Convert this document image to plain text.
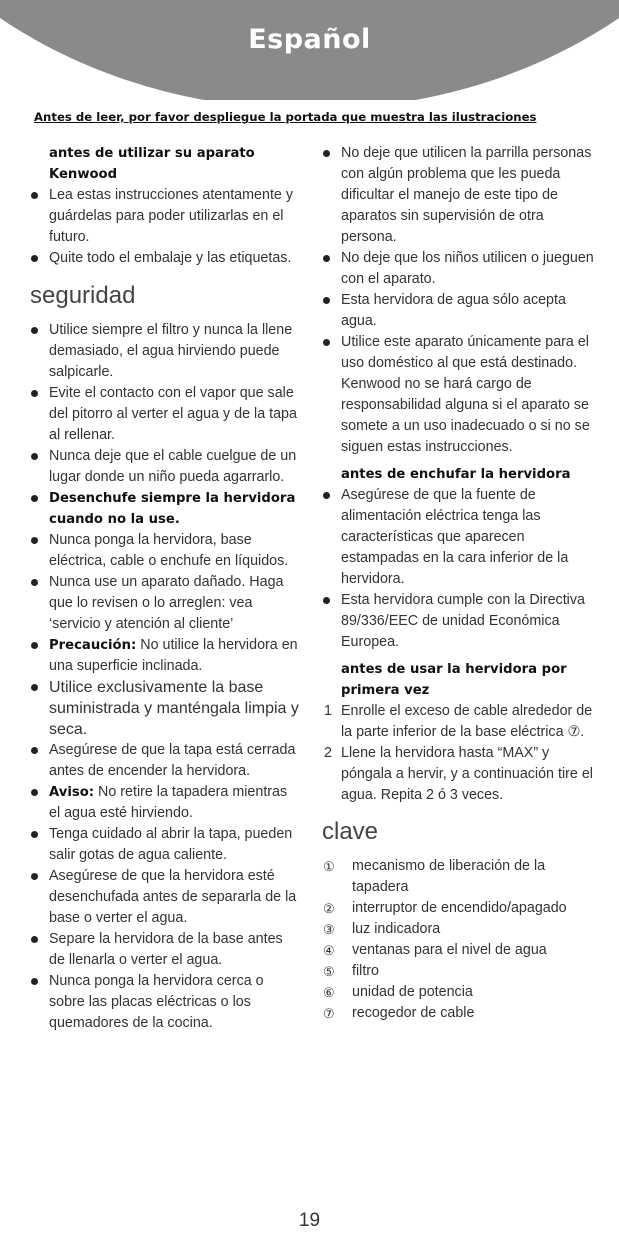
Español
Antes de leer, por favor despliegue la portada que muestra las ilustraciones
antes de utilizar su aparato Kenwood
Lea estas instrucciones atentamente y guárdelas para poder utilizarlas en el futuro.
Quite todo el embalaje y las etiquetas.
seguridad
Utilice siempre el filtro y nunca la llene demasiado, el agua hirviendo puede salpicarle.
Evite el contacto con el vapor que sale del pitorro al verter el agua y de la tapa al rellenar.
Nunca deje que el cable cuelgue de un lugar donde un niño pueda agarrarlo.
Desenchufe siempre la hervidora cuando no la use.
Nunca ponga la hervidora, base eléctrica, cable o enchufe en líquidos.
Nunca use un aparato dañado. Haga que lo revisen o lo arreglen: vea ‘servicio y atención al cliente’
Precaución: No utilice la hervidora en una superficie inclinada.
Utilice exclusivamente la base suministrada y manténgala limpia y seca.
Asegúrese de que la tapa está cerrada antes de encender la hervidora.
Aviso: No retire la tapadera mientras el agua esté hirviendo.
Tenga cuidado al abrir la tapa, pueden salir gotas de agua caliente.
Asegúrese de que la hervidora esté desenchufada antes de separarla de la base o verter el agua.
Separe la hervidora de la base antes de llenarla o verter el agua.
Nunca ponga la hervidora cerca o sobre las placas eléctricas o los quemadores de la cocina.
No deje que utilicen la parrilla personas con algún problema que les pueda dificultar el manejo de este tipo de aparatos sin supervisión de otra persona.
No deje que los niños utilicen o jueguen con el aparato.
Esta hervidora de agua sólo acepta agua.
Utilice este aparato únicamente para el uso doméstico al que está destinado. Kenwood no se hará cargo de responsabilidad alguna si el aparato se somete a un uso inadecuado o si no se siguen estas instrucciones.
antes de enchufar la hervidora
Asegúrese de que la fuente de alimentación eléctrica tenga las características que aparecen estampadas en la cara inferior de la hervidora.
Esta hervidora cumple con la Directiva 89/336/EEC de unidad Económica Europea.
antes de usar la hervidora por primera vez
1 Enrolle el exceso de cable alrededor de la parte inferior de la base eléctrica ⑦.
2 Llene la hervidora hasta “MAX” y póngala a hervir, y a continuación tire el agua. Repita 2 ó 3 veces.
clave
① mecanismo de liberación de la tapadera
② interruptor de encendido/apagado
③ luz indicadora
④ ventanas para el nivel de agua
⑤ filtro
⑥ unidad de potencia
⑦ recogedor de cable
19
